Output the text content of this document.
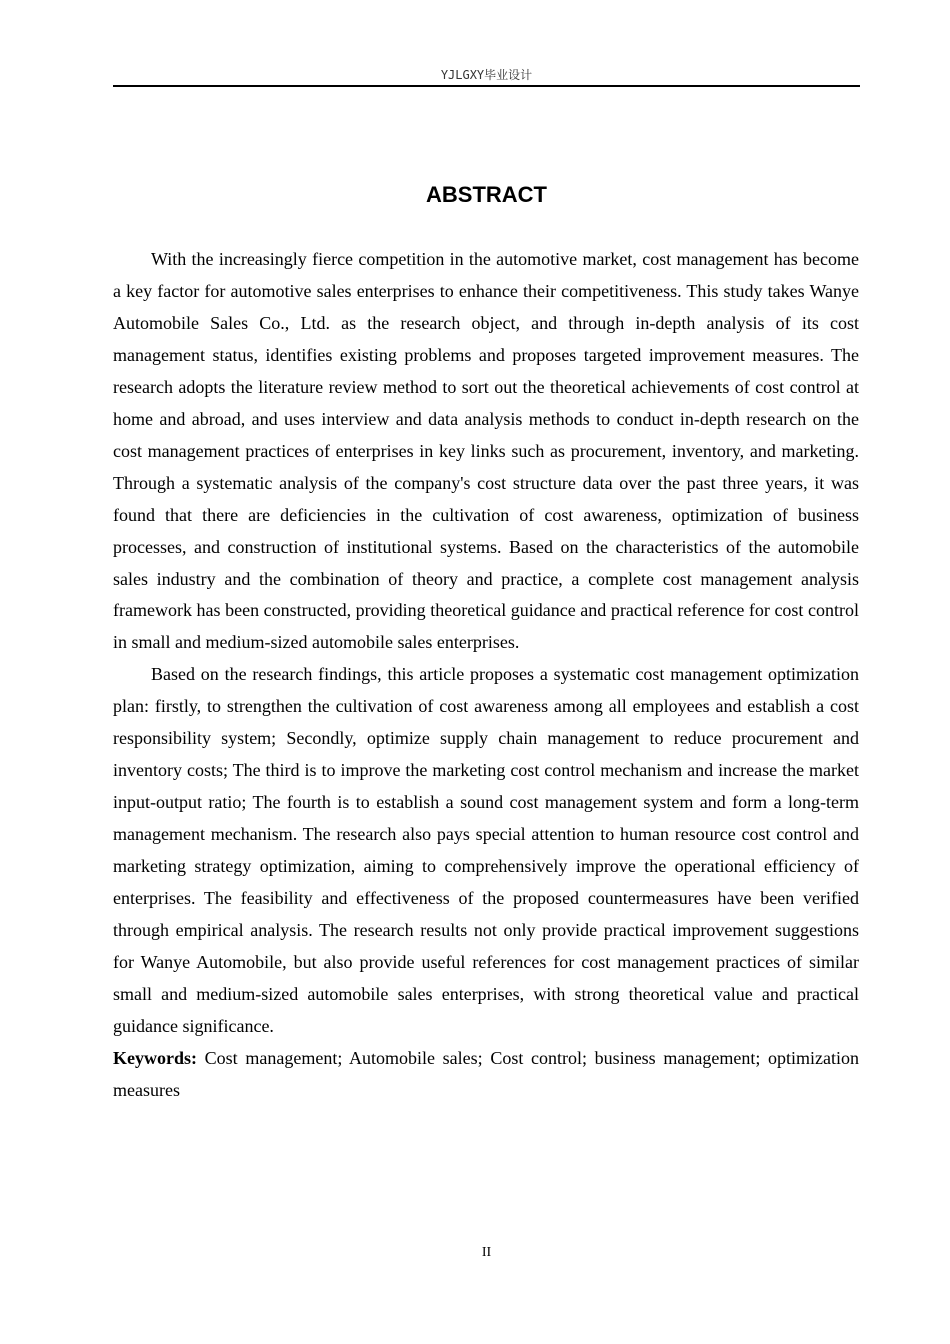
YJLGXY毕业设计
ABSTRACT

With the increasingly fierce competition in the automotive market, cost management has become a key factor for automotive sales enterprises to enhance their competitiveness. This study takes Wanye Automobile Sales Co., Ltd. as the research object, and through in-depth analysis of its cost management status, identifies existing problems and proposes targeted improvement measures. The research adopts the literature review method to sort out the theoretical achievements of cost control at home and abroad, and uses interview and data analysis methods to conduct in-depth research on the cost management practices of enterprises in key links such as procurement, inventory, and marketing. Through a systematic analysis of the company's cost structure data over the past three years, it was found that there are deficiencies in the cultivation of cost awareness, optimization of business processes, and construction of institutional systems. Based on the characteristics of the automobile sales industry and the combination of theory and practice, a complete cost management analysis framework has been constructed, providing theoretical guidance and practical reference for cost control in small and medium-sized automobile sales enterprises.

Based on the research findings, this article proposes a systematic cost management optimization plan: firstly, to strengthen the cultivation of cost awareness among all employees and establish a cost responsibility system; Secondly, optimize supply chain management to reduce procurement and inventory costs; The third is to improve the marketing cost control mechanism and increase the market input-output ratio; The fourth is to establish a sound cost management system and form a long-term management mechanism. The research also pays special attention to human resource cost control and marketing strategy optimization, aiming to comprehensively improve the operational efficiency of enterprises. The feasibility and effectiveness of the proposed countermeasures have been verified through empirical analysis. The research results not only provide practical improvement suggestions for Wanye Automobile, but also provide useful references for cost management practices of similar small and medium-sized automobile sales enterprises, with strong theoretical value and practical guidance significance.

Keywords: Cost management; Automobile sales; Cost control; business management; optimization measures

II
